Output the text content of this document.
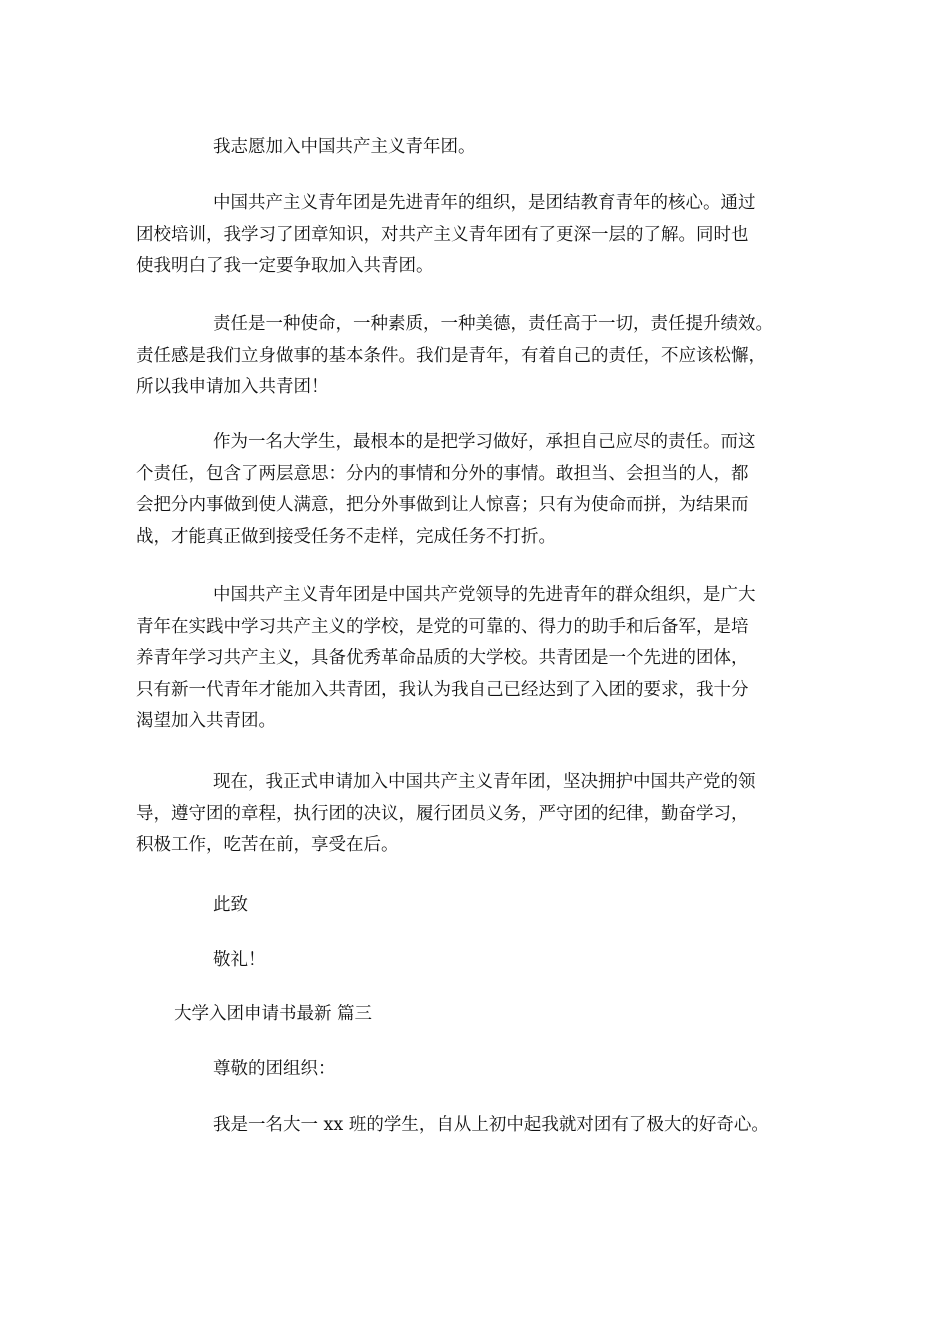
我志愿加入中国共产主义青年团。

中国共产主义青年团是先进青年的组织，是团结教育青年的核心。通过
团校培训，我学习了团章知识，对共产主义青年团有了更深一层的了解。同时也
使我明白了我一定要争取加入共青团。

责任是一种使命，一种素质，一种美德，责任高于一切，责任提升绩效。
责任感是我们立身做事的基本条件。我们是青年，有着自己的责任，不应该松懈，
所以我申请加入共青团！

作为一名大学生，最根本的是把学习做好，承担自己应尽的责任。而这
个责任，包含了两层意思：分内的事情和分外的事情。敢担当、会担当的人，都
会把分内事做到使人满意，把分外事做到让人惊喜；只有为使命而拼，为结果而
战，才能真正做到接受任务不走样，完成任务不打折。

中国共产主义青年团是中国共产党领导的先进青年的群众组织，是广大
青年在实践中学习共产主义的学校，是党的可靠的、得力的助手和后备军，是培
养青年学习共产主义，具备优秀革命品质的大学校。共青团是一个先进的团体，
只有新一代青年才能加入共青团，我认为我自己已经达到了入团的要求，我十分
渴望加入共青团。

现在，我正式申请加入中国共产主义青年团，坚决拥护中国共产党的领
导，遵守团的章程，执行团的决议，履行团员义务，严守团的纪律，勤奋学习，
积极工作，吃苦在前，享受在后。

此致

敬礼！

大学入团申请书最新 篇三

尊敬的团组织：

我是一名大一 xx 班的学生，自从上初中起我就对团有了极大的好奇心。
